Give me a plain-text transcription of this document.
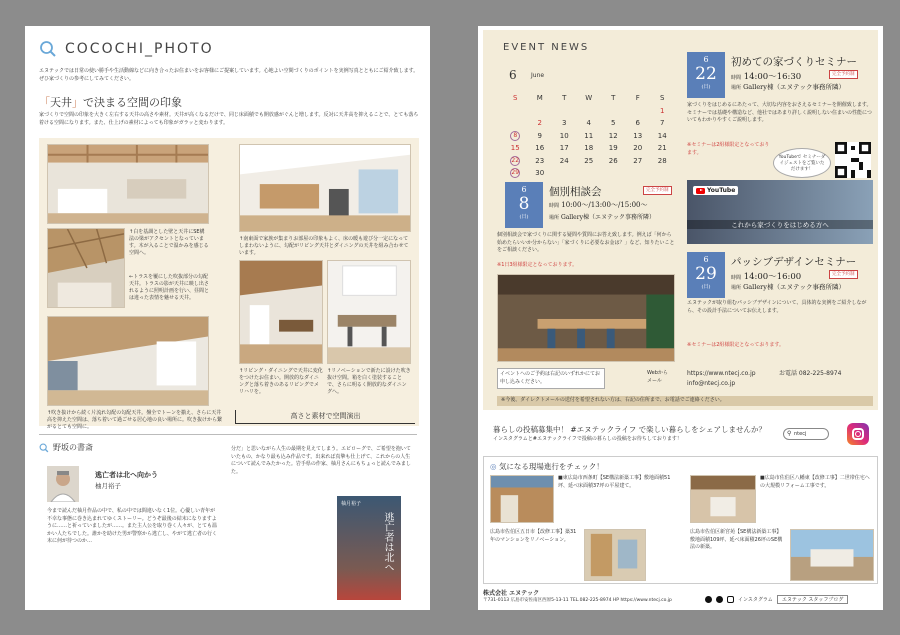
COCOCHI_PHOTO
エヌテックでは日常の使い勝手や生活動線などに向き合ったお住まいをお客様にご提案しています。心地よい空間づくりのポイントを実例写真とともにご紹介致します。ぜひ家づくりの参考にしてみてください。
「天井」で決まる空間の印象
家づくりで空間の印象を大きく左右する天井の高さや素材。天井が高くなるだけで、同じ床面積でも開放感がぐんと増します。反対に天井高を抑えることで、とても落ち着ける空間になります。また、仕上げの素材によっても印象がガラッと変わります。
↑白を基調とした壁と天井にSE構法の梁がアクセントとなっています。木が入ることで温かみを感じる空間へ。
←トラスを覆にした吹抜部分の勾配天井。トラスの影が天井に映し出されるように照明計画を行い、昼間とは違った表情を魅せる天井。
↑吹き抜けから続く片流れ勾配の勾配天井。盤全でトーンを揃え、さらに天井高を抑えた空間は、落ち着いて過ごせる居心地の良い場所に。吹き抜けから繋がるとても空間に。
↑南東面で家族が集まりお部屋の印象もよく、床の暖も遊び分一定になってしまわないように、勾配がリビング天井とダイニングの天井を組み合わせています。
↑リビング・ダイニングで天井に変化をつけたお住まい。開放的なダイニングと落ち着きのあるリビングでメリハリを。
↑リノベーションで新たに設けた吹き抜け空間。箱を白く塗装することで、さらに明るく開放的なダイニングへ。
高さと素材で空間演出
野坂の書斎
逃亡者は北へ向かう
柚月裕子
今まで読んだ柚月作品の中で、私の中では間違いなく1位。心優しい青年が不幸な事態に巻き込まれてゆくストーリー。どうぞ最後の結末になりますように……と祈っていましたが……。また主人公を取り巻く人々が、とても温かい人たちでした。誰かを助けた男が警察から逃亡し、やがて逃亡者の行く末に何が待つのか…
分だ」と思いながら人生の最期を見えてしまう。エピローグで、ご希望を抱いていたもの、かなり最も込み作品です。出来れば真摯も仕上げて、これからの人生について読んでみたかった。岩手県の作家、柚月さんにもちょっと読んでみました。
逃亡者は北へ
柚月裕子
EVENT NEWS
6 June
S	M	T	W	T	F	S
						1
	2	3	4	5	6	7
8	9	10	11	12	13	14
15	16	17	18	19	20	21
22	23	24	25	26	27	28
29	30					
6
22
(日)
初めての家づくりセミナー
完全予約制
時間 14:00～16:30
場所 Gallery棟（エヌテック事務所隣）
家づくりをはじめるにあたって、大切な内容をおさえるセミナーを開催致します。セミナーでは基礎や構造など、他社ではあまり詳しく説明しない住まいの性能についてもわかりやすくご説明します。
※セミナーは2組様限定となっております。
YouTubeで セミナーダイジェストをご覧いただけます！
6
8
(日)
個別相談会	完全予約制
時間 10:00～/13:00～/15:00～
場所 Gallery棟（エヌテック事務所隣）
個別相談会で家づくりに関する疑問や質問にお答え致します。例えば「何から始めたらいいか分からない」「家づくりに必要なお金は？」など、知りたいことをご相談ください。
※1日3組様限定となっております。
YouTube
これから家づくりをはじめる方へ
6
29
(日)
パッシブデザインセミナー
完全予約制
時間 14:00～16:00
場所 Gallery棟（エヌテック事務所隣）
エヌテックが取り組むパッシブデザインについて、具体的な実例をご紹介しながら、その設計手法についてお伝えします。
※セミナーは2組様限定となっております。
イベントへのご予約は右記のいずれかにてお申し込みください。
Webから
メール
https://www.ntecj.co.jp	お電話 082-225-8974
info@ntecj.co.jp
※今後、ダイレクトメールの送付を希望されない方は、右記の住所まで、お電話でご連絡ください。
暮らしの投稿募集中！ #エヌテックライフ で楽しい暮らしをシェアしませんか？
インスタグラムと#エヌテックライフで投稿の暮らしの投稿をお待ちしております！
⚲ ntecj
◎ 気になる現場進行をチェック！
■東広島市西条町【SE構法新築工事】敷地面積51坪、延べ床面積37坪の平屋建て。
■広島市佐伯区八幡東【改修工事】二世帯住宅への大規模リフォーム工事です。
広島市佐伯区五日市【改修工事】築31年のマンションをリノベーション。
広島市佐伯区新宮苑【SE構法新築工事】敷地面積109坪、延べ床面積26坪のSE構法の新築。
株式会社 エヌテック
〒731-0113 広島市安佐南区西原5-13-11 TEL.082-225-8974 HP https://www.ntecj.co.jp	インスタグラム	エヌテック スタッフブログ
